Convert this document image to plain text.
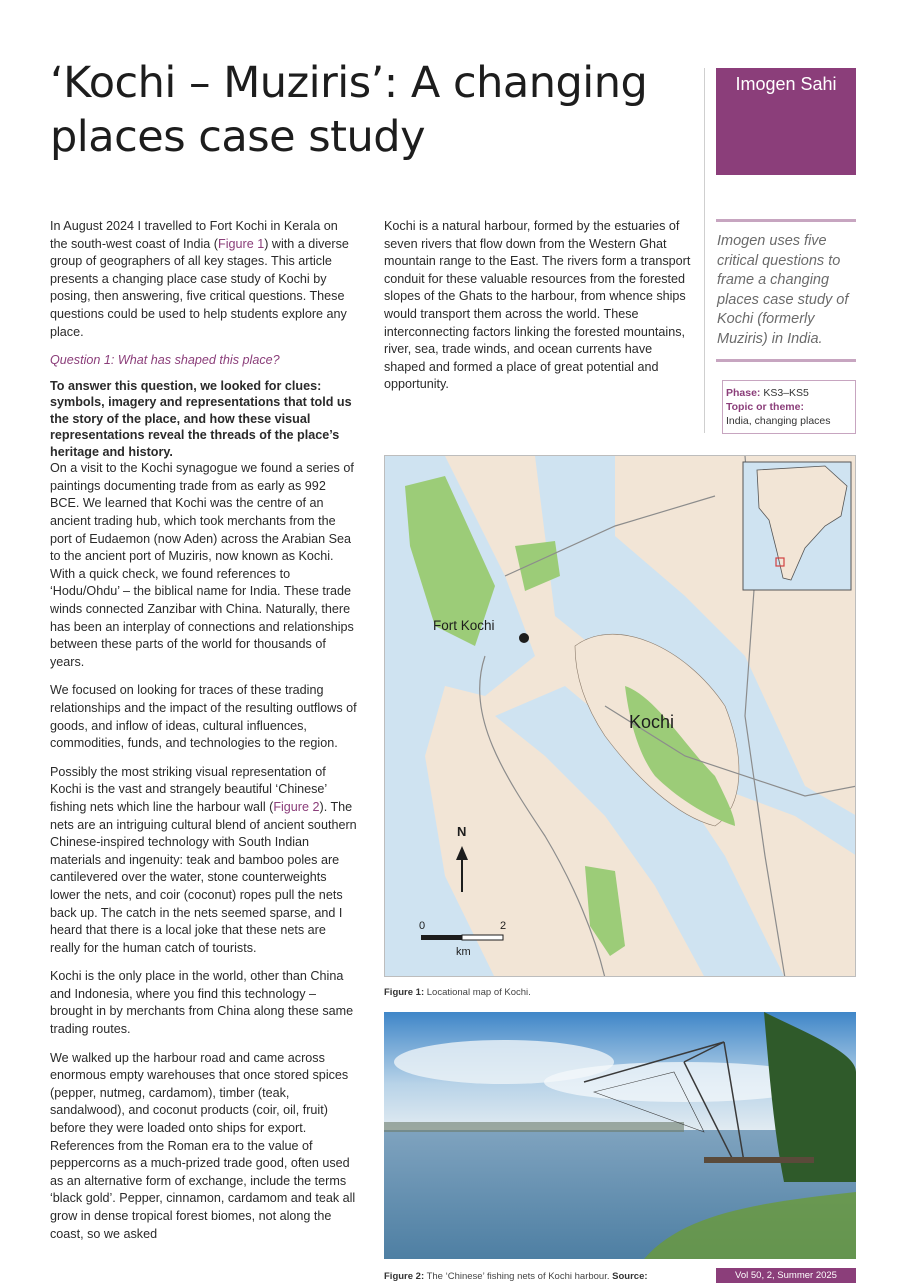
‘Kochi – Muziris’: A changing places case study
Imogen Sahi
Imogen uses five critical questions to frame a changing places case study of Kochi (formerly Muziris) in India.
Phase: KS3–KS5
Topic or theme:
India, changing places

In August 2024 I travelled to Fort Kochi in Kerala on the south-west coast of India (Figure 1) with a diverse group of geographers of all key stages. This article presents a changing place case study of Kochi by posing, then answering, five critical questions. These questions could be used to help students explore any place.

Question 1: What has shaped this place?

To answer this question, we looked for clues: symbols, imagery and representations that told us the story of the place, and how these visual representations reveal the threads of the place’s heritage and history.

On a visit to the Kochi synagogue we found a series of paintings documenting trade from as early as 992 BCE. We learned that Kochi was the centre of an ancient trading hub, which took merchants from the port of Eudaemon (now Aden) across the Arabian Sea to the ancient port of Muziris, now known as Kochi. With a quick check, we found references to ‘Hodu/Ohdu’ – the biblical name for India. These trade winds connected Zanzibar with China. Naturally, there has been an interplay of connections and relationships between these parts of the world for thousands of years.

We focused on looking for traces of these trading relationships and the impact of the resulting outflows of goods, and inflow of ideas, cultural influences, commodities, funds, and technologies to the region.

Possibly the most striking visual representation of Kochi is the vast and strangely beautiful ‘Chinese’ fishing nets which line the harbour wall (Figure 2). The nets are an intriguing cultural blend of ancient southern Chinese-inspired technology with South Indian materials and ingenuity: teak and bamboo poles are cantilevered over the water, stone counterweights lower the nets, and coir (coconut) ropes pull the nets back up. The catch in the nets seemed sparse, and I heard that there is a local joke that these nets are really for the human catch of tourists.

Kochi is the only place in the world, other than China and Indonesia, where you find this technology – brought in by merchants from China along these same trading routes.

We walked up the harbour road and came across enormous empty warehouses that once stored spices (pepper, nutmeg, cardamom), timber (teak, sandalwood), and coconut products (coir, oil, fruit) before they were loaded onto ships for export. References from the Roman era to the value of peppercorns as a much-prized trade good, often used as an alternative form of exchange, include the terms ‘black gold’. Pepper, cinnamon, cardamom and teak all grow in dense tropical forest biomes, not along the coast, so we asked

Kochi is a natural harbour, formed by the estuaries of seven rivers that flow down from the Western Ghat mountain range to the East. The rivers form a transport conduit for these valuable resources from the forested slopes of the Ghats to the harbour, from whence ships would transport them across the world. These interconnecting factors linking the forested mountains, river, sea, trade winds, and ocean currents have shaped and formed a place of great potential and opportunity.

Fort Kochi
Kochi
N
0	2
km
Figure 1: Locational map of Kochi.
Figure 2: The ‘Chinese’ fishing nets of Kochi harbour. Source:	Vol 50, 2, Summer 2025
